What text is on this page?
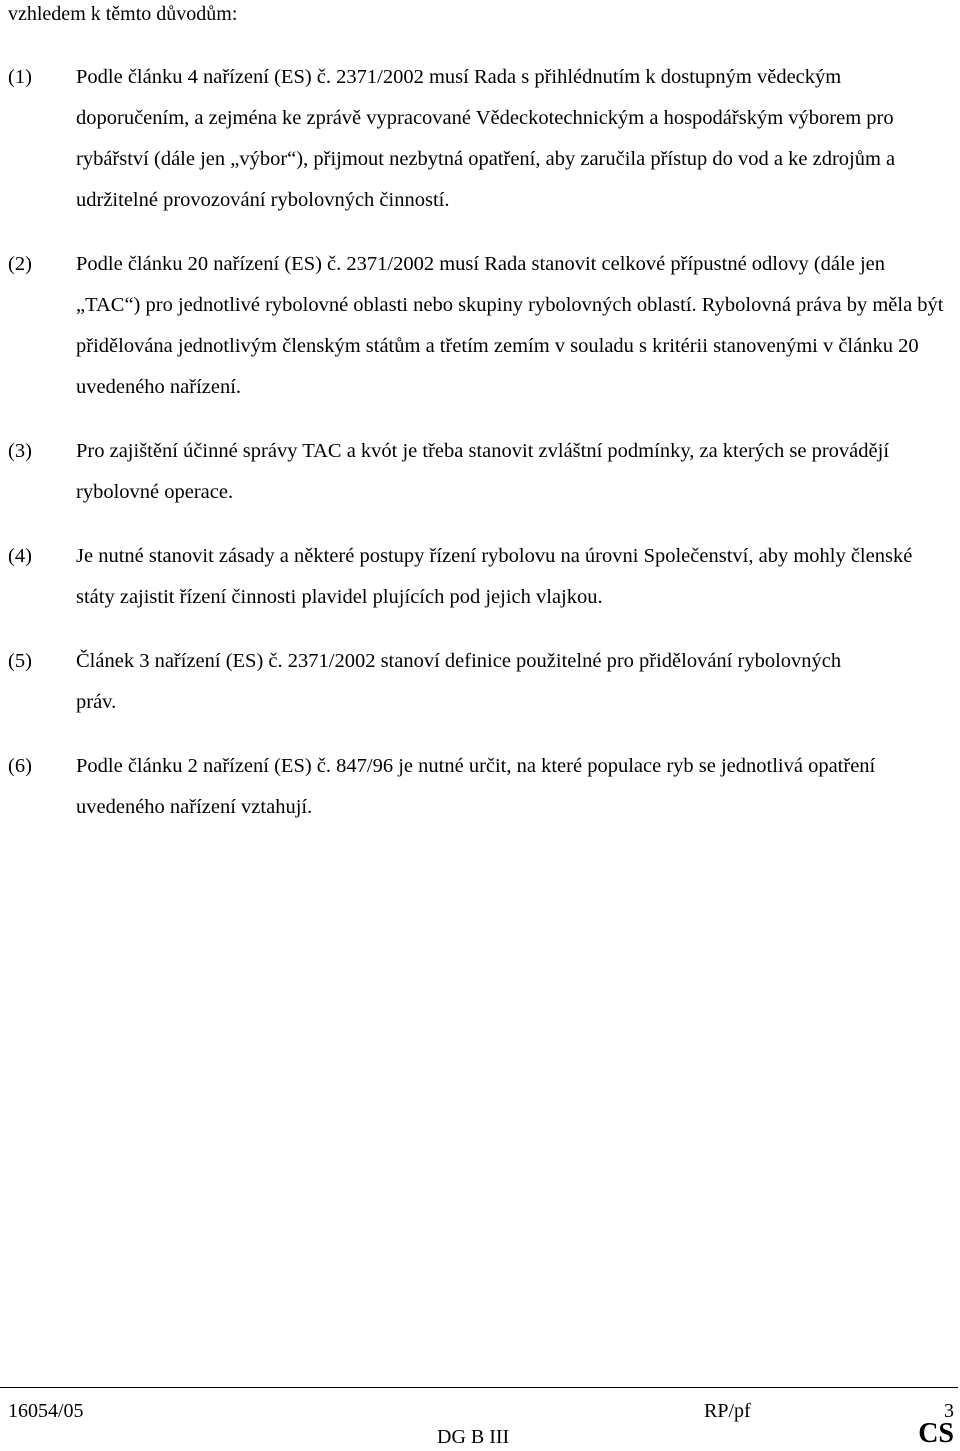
vzhledem k těmto důvodům:
(1) Podle článku 4 nařízení (ES) č. 2371/2002 musí Rada s přihlédnutím k dostupným vědeckým doporučením, a zejména ke zprávě vypracované Vědeckotechnickým a hospodářským výborem pro rybářství (dále jen „výbor“), přijmout nezbytná opatření, aby zaručila přístup do vod a ke zdrojům a udržitelné provozování rybolovných činností.
(2) Podle článku 20 nařízení (ES) č. 2371/2002 musí Rada stanovit celkové přípustné odlovy (dále jen „TAC“) pro jednotlivé rybolovné oblasti nebo skupiny rybolovných oblastí. Rybolovná práva by měla být přidělována jednotlivým členským státům a třetím zemím v souladu s kritérii stanovenými v článku 20 uvedeného nařízení.
(3) Pro zajištění účinné správy TAC a kvót je třeba stanovit zvláštní podmínky, za kterých se provádějí rybolovné operace.
(4) Je nutné stanovit zásady a některé postupy řízení rybolovu na úrovni Společenství, aby mohly členské státy zajistit řízení činnosti plavidel plujících pod jejich vlajkou.
(5) Článek 3 nařízení (ES) č. 2371/2002 stanoví definice použitelné pro přidělování rybolovných práv.
(6) Podle článku 2 nařízení (ES) č. 847/96 je nutné určit, na které populace ryb se jednotlivá opatření uvedeného nařízení vztahují.
16054/05	RP/pf	3
DG B III	CS
